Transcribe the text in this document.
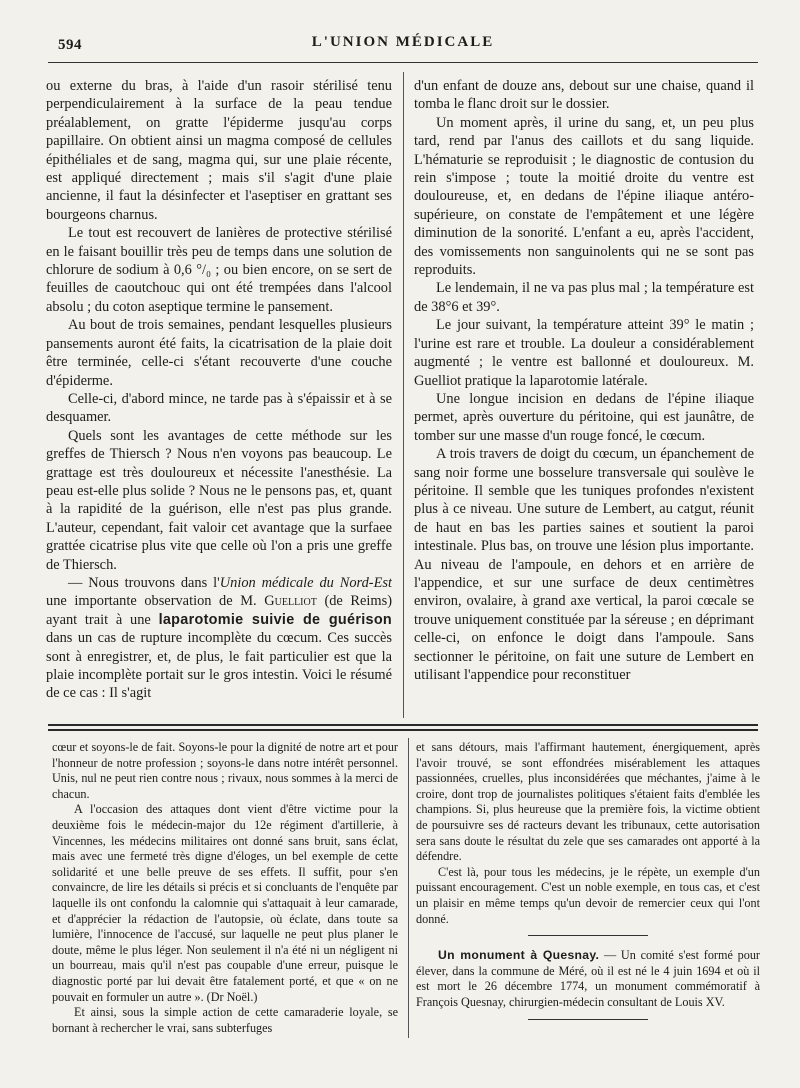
594	L'UNION MÉDICALE

ou externe du bras, à l'aide d'un rasoir stérilisé tenu perpendiculairement à la surface de la peau tendue préalablement, on gratte l'épiderme jusqu'au corps papillaire. On obtient ainsi un magma composé de cellules épithéliales et de sang, magma qui, sur une plaie récente, est appliqué directement ; mais s'il s'agit d'une plaie ancienne, il faut la désinfecter et l'aseptiser en grattant ses bourgeons charnus.

Le tout est recouvert de lanières de protective stérilisé en le faisant bouillir très peu de temps dans une solution de chlorure de sodium à 0,6 °/₀ ; ou bien encore, on se sert de feuilles de caoutchouc qui ont été trempées dans l'alcool absolu ; du coton aseptique termine le pansement.

Au bout de trois semaines, pendant lesquelles plusieurs pansements auront été faits, la cicatrisation de la plaie doit être terminée, celle-ci s'étant recouverte d'une couche d'épiderme.

Celle-ci, d'abord mince, ne tarde pas à s'épaissir et à se desquamer.

Quels sont les avantages de cette méthode sur les greffes de Thiersch ? Nous n'en voyons pas beaucoup. Le grattage est très douloureux et nécessite l'anesthésie. La peau est-elle plus solide ? Nous ne le pensons pas, et, quant à la rapidité de la guérison, elle n'est pas plus grande. L'auteur, cependant, fait valoir cet avantage que la surfaee grattée cicatrise plus vite que celle où l'on a pris une greffe de Thiersch.

— Nous trouvons dans l'Union médicale du Nord-Est une importante observation de M. Guelliot (de Reims) ayant trait à une laparotomie suivie de guérison dans un cas de rupture incomplète du cœcum. Ces succès sont à enregistrer, et, de plus, le fait particulier est que la plaie incomplète portait sur le gros intestin. Voici le résumé de ce cas : Il s'agit

d'un enfant de douze ans, debout sur une chaise, quand il tomba le flanc droit sur le dossier.

Un moment après, il urine du sang, et, un peu plus tard, rend par l'anus des caillots et du sang liquide. L'hématurie se reproduisit ; le diagnostic de contusion du rein s'impose ; toute la moitié droite du ventre est douloureuse, et, en dedans de l'épine iliaque antéro-supérieure, on constate de l'empâtement et une légère diminution de la sonorité. L'enfant a eu, après l'accident, des vomissements non sanguinolents qui ne se sont pas reproduits.

Le lendemain, il ne va pas plus mal ; la température est de 38°6 et 39°.

Le jour suivant, la température atteint 39° le matin ; l'urine est rare et trouble. La douleur a considérablement augmenté ; le ventre est ballonné et douloureux. M. Guelliot pratique la laparotomie latérale.

Une longue incision en dedans de l'épine iliaque permet, après ouverture du péritoine, qui est jaunâtre, de tomber sur une masse d'un rouge foncé, le cœcum.

A trois travers de doigt du cœcum, un épanchement de sang noir forme une bosselure transversale qui soulève le péritoine. Il semble que les tuniques profondes n'existent plus à ce niveau. Une suture de Lembert, au catgut, réunit de haut en bas les parties saines et soutient la paroi intestinale. Plus bas, on trouve une lésion plus importante. Au niveau de l'ampoule, en dehors et en arrière de l'appendice, et sur une surface de deux centimètres environ, ovalaire, à grand axe vertical, la paroi cœcale se trouve uniquement constituée par la séreuse ; en déprimant celle-ci, on enfonce le doigt dans l'ampoule. Sans sectionner le péritoine, on fait une suture de Lembert en utilisant l'appendice pour reconstituer

cœur et soyons-le de fait. Soyons-le pour la dignité de notre art et pour l'honneur de notre profession ; soyons-le dans notre intérêt personnel. Unis, nul ne peut rien contre nous ; rivaux, nous sommes à la merci de chacun.

A l'occasion des attaques dont vient d'être victime pour la deuxième fois le médecin-major du 12e régiment d'artillerie, à Vincennes, les médecins militaires ont donné sans bruit, sans éclat, mais avec une fermeté très digne d'éloges, un bel exemple de cette solidarité et une belle preuve de ses effets. Il suffit, pour s'en convaincre, de lire les détails si précis et si concluants de l'enquête par laquelle ils ont confondu la calomnie qui s'attaquait à leur camarade, et d'apprécier la rédaction de l'autopsie, où éclate, dans toute sa lumière, l'innocence de l'accusé, sur laquelle ne peut plus planer le doute, même le plus léger. Non seulement il n'a été ni un négligent ni un bourreau, mais qu'il n'est pas coupable d'une erreur, puisque le diagnostic porté par lui devait être fatalement porté, et que « on ne pouvait en formuler un autre ». (Dr Noël.)

Et ainsi, sous la simple action de cette camaraderie loyale, se bornant à rechercher le vrai, sans subterfuges

et sans détours, mais l'affirmant hautement, énergiquement, après l'avoir trouvé, se sont effondrées misérablement les attaques passionnées, cruelles, plus inconsidérées que méchantes, j'aime à le croire, dont trop de journalistes politiques s'étaient faits d'emblée les champions. Si, plus heureuse que la première fois, la victime obtient de poursuivre ses dé racteurs devant les tribunaux, cette autorisation sera sans doute le résultat du zele que ses camarades ont apporté à la défendre.

C'est là, pour tous les médecins, je le répète, un exemple d'un puissant encouragement. C'est un noble exemple, en tous cas, et c'est un plaisir en même temps qu'un devoir de remercier ceux qui l'ont donné.

Un monument à Quesnay. — Un comité s'est formé pour élever, dans la commune de Méré, où il est né le 4 juin 1694 et où il est mort le 26 décembre 1774, un monument commémoratif à François Quesnay, chirurgien-médecin consultant de Louis XV.
